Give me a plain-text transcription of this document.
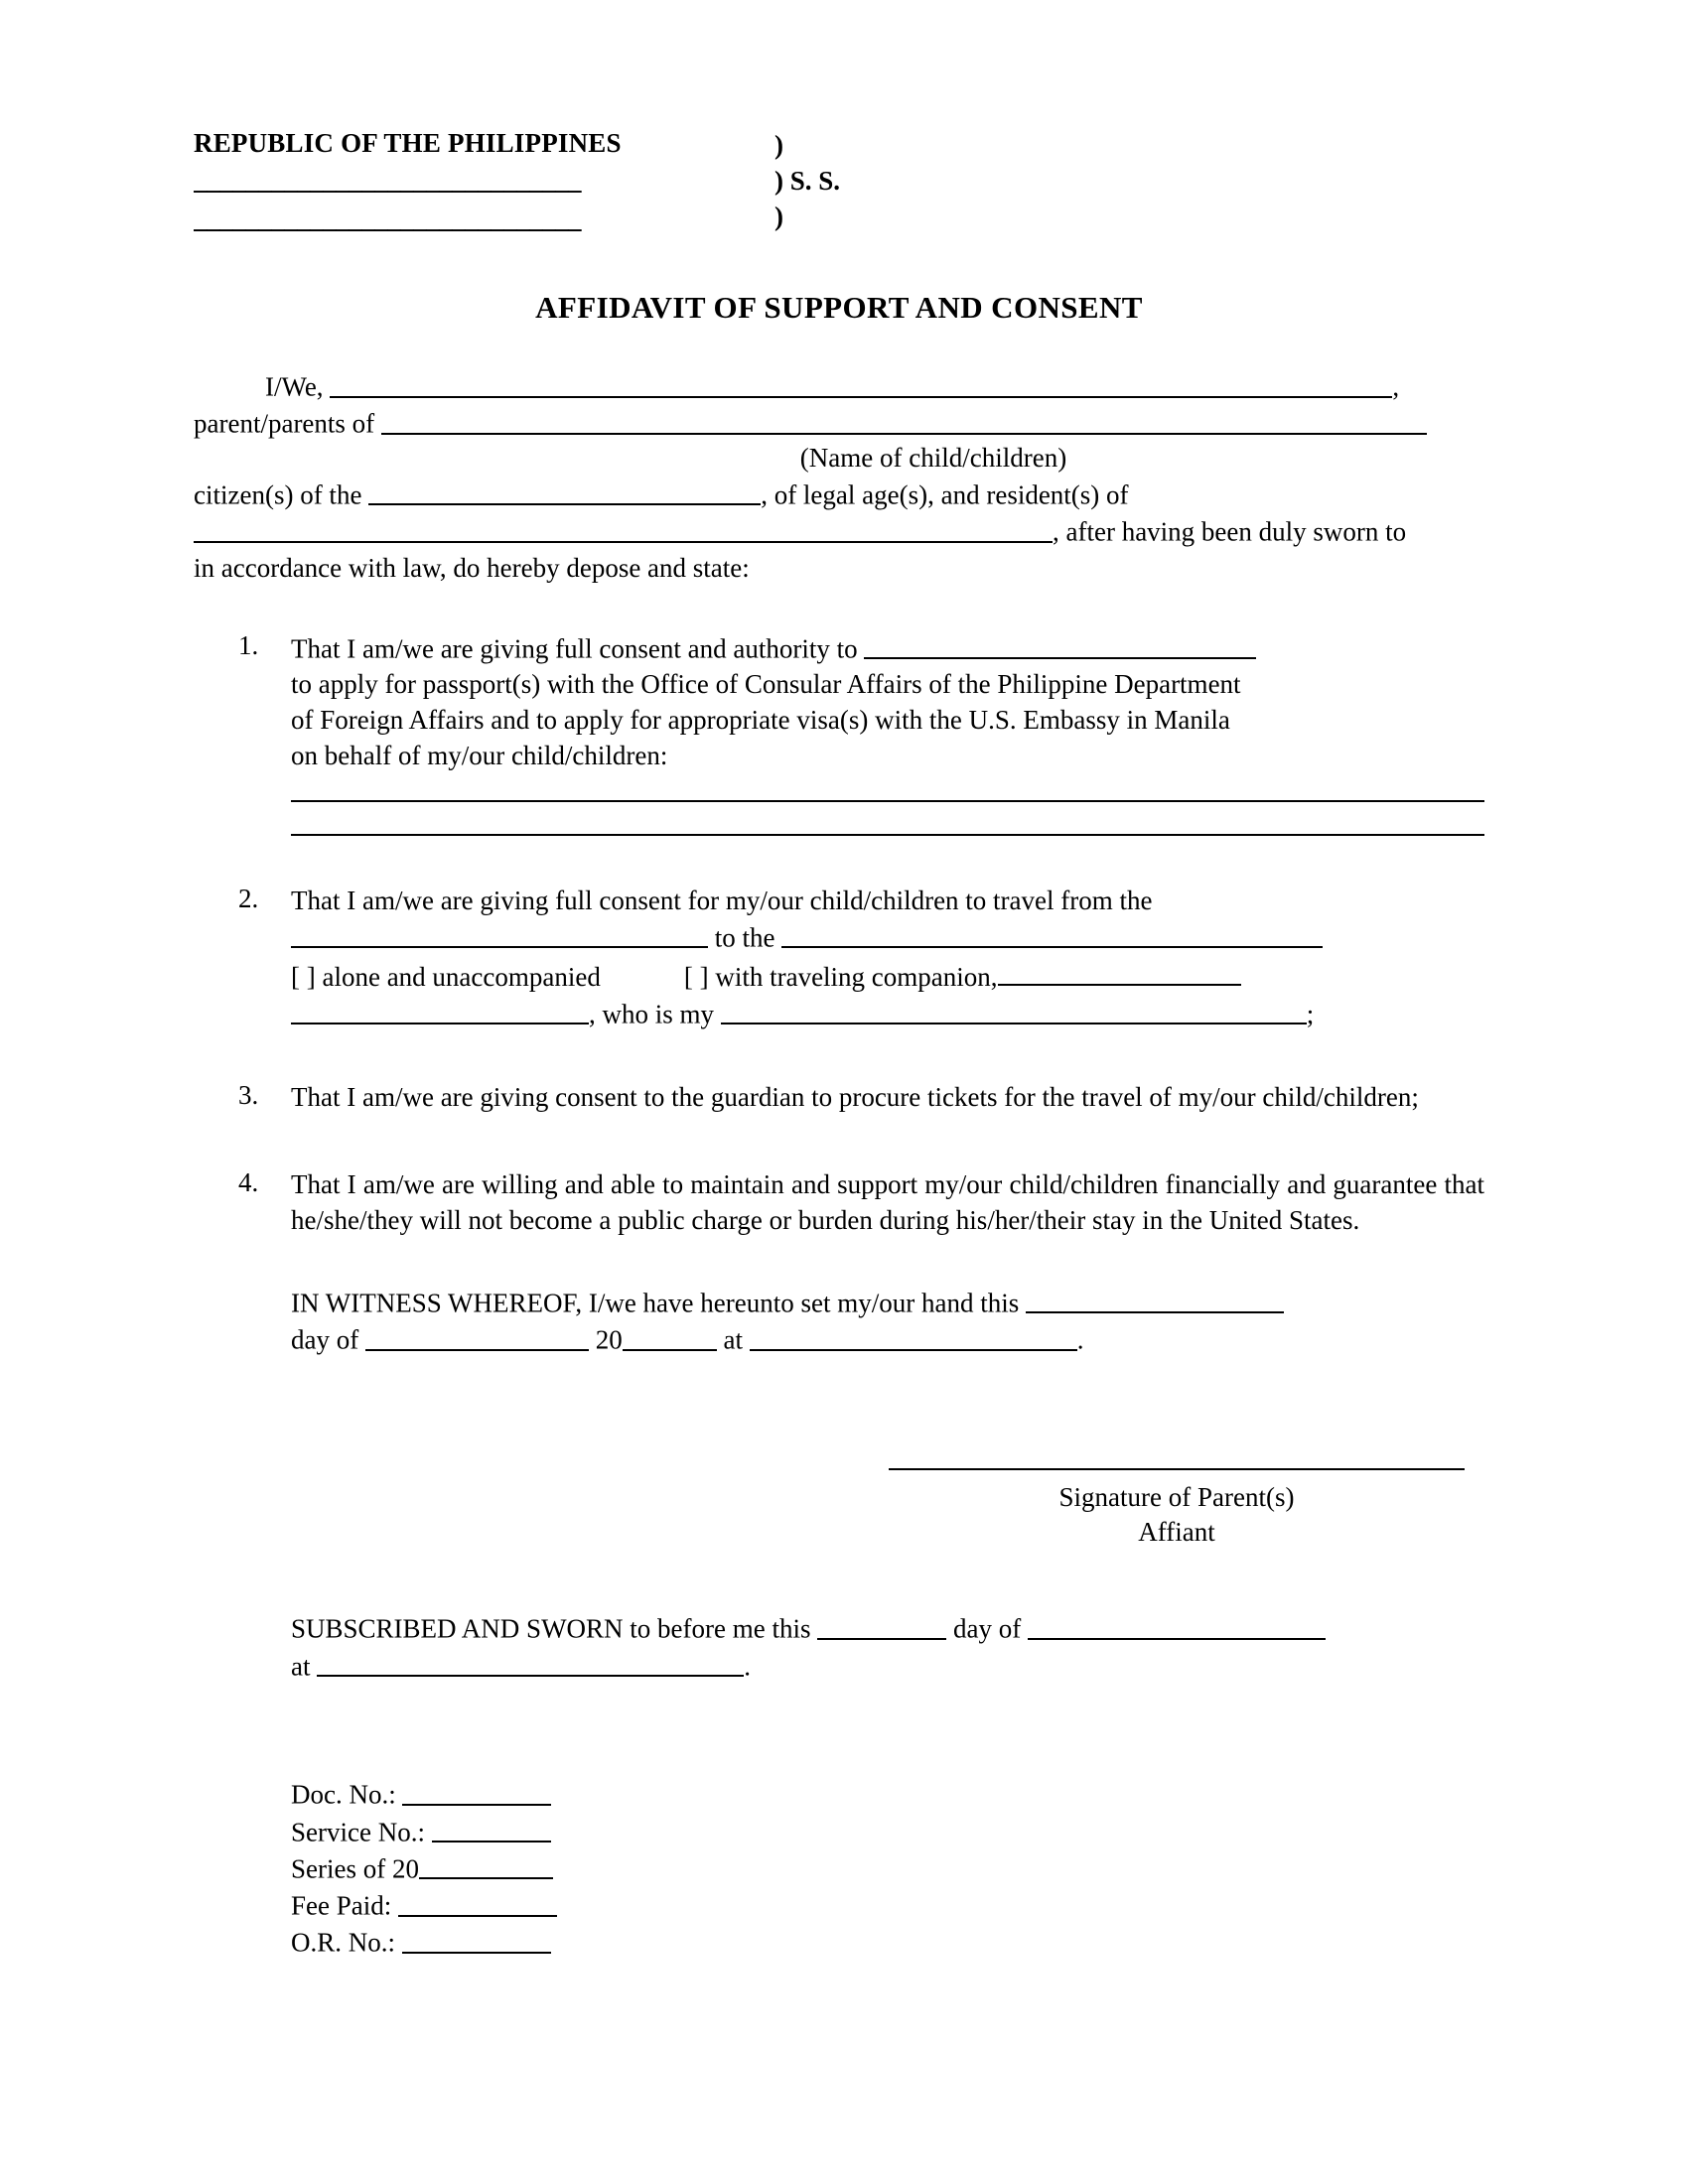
REPUBLIC OF THE PHILIPPINES
______________________________
______________________________
)
) S. S.
)
AFFIDAVIT OF SUPPORT AND CONSENT
I/We,	,
parent/parents of
(Name of child/children)
citizen(s) of the	, of legal age(s), and resident(s) of
, after having been duly sworn to
in accordance with law, do hereby depose and state:
1.	That I am/we are giving full consent and authority to
to apply for passport(s) with the Office of Consular Affairs of the Philippine Department
of Foreign Affairs and to apply for appropriate visa(s) with the U.S. Embassy in Manila
on behalf of my/our child/children:
2.	That I am/we are giving full consent for my/our child/children to travel from the
to the
[ ] alone and unaccompanied	[ ] with traveling companion,
, who is my	;
3.	That I am/we are giving consent to the guardian to procure tickets for the travel of my/our child/children;
4.	That I am/we are willing and able to maintain and support my/our child/children financially and guarantee that he/she/they will not become a public charge or burden during his/her/their stay in the United States.
IN WITNESS WHEREOF, I/we have hereunto set my/our hand this
day of	20	at	.
Signature of Parent(s)
Affiant
SUBSCRIBED AND SWORN to before me this	day of
at	.
Doc. No.:
Service No.:
Series of 20
Fee Paid:
O.R. No.:
